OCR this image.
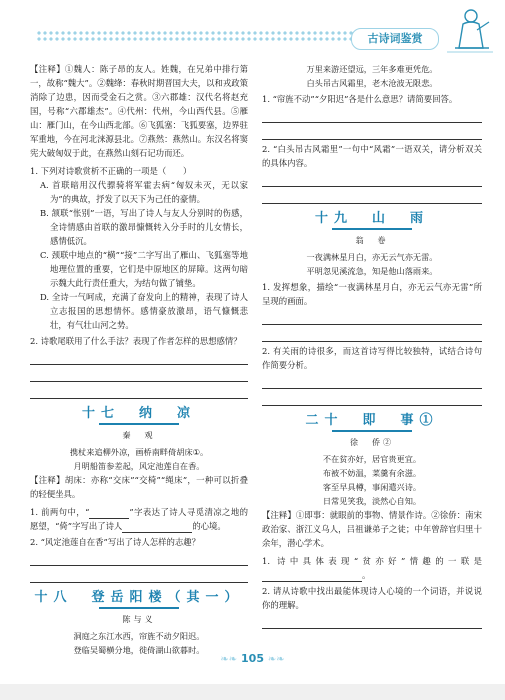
古诗词鉴赏

【注释】①魏人：陈子昂的友人。姓魏，在兄弟中排行第一，故称“魏大”。②魏绛：春秋时期晋国大夫，以和戎政策消除了边患，因而受金石之赏。③六郡雄：汉代名将赵充国，号称“六郡雄杰”。④代州：代州，今山西代县。⑤雁山：雁门山，在今山西北部。⑥飞狐塞：飞狐要塞，边界驻军重地，今在河北涞源县北。⑦燕然：燕然山。东汉名将窦宪大破匈奴于此，在燕然山刻石记功而还。

1. 下列对诗歌赏析不正确的一项是（　　）

A. 首联暗用汉代骠骑将军霍去病“匈奴未灭，无以家为”的典故，抒发了以天下为己任的豪情。

B. 颔联“怅别”一语，写出了诗人与友人分别时的伤感，全诗情感由首联的激昂慷慨转入分手时的儿女情长，感情低沉。

C. 颈联中地点的“横”“接”二字写出了雁山、飞狐塞等地地理位置的重要，它们是中原地区的屏障。这两句暗示魏大此行责任重大，为结句做了铺垫。

D. 全诗一气呵成，充满了奋发向上的精神，表现了诗人立志报国的思想情怀。感情豪放激昂，语气慷慨悲壮，有气壮山河之势。

2. 诗歌尾联用了什么手法？表现了作者怎样的思想感情？

十七　纳　凉
秦　观

携杖来追柳外凉，画桥南畔倚胡床①。

月明船笛参差起，风定池莲自在香。

【注释】胡床：亦称“交床”“交椅”“绳床”，一种可以折叠的轻便坐具。

1. 前两句中，“	”字表达了诗人寻觅清凉之地的愿望，“倚”字写出了诗人	的心境。

2. “风定池莲自在香”写出了诗人怎样的志趣？

十八　登岳阳楼（其一）
陈与义

洞庭之东江水西，帘旌不动夕阳迟。

登临吴蜀横分地，徙倚湖山欲暮时。

万里来游还望远，三年多难更凭危。

白头吊古风霜里，老木沧波无限悲。

1. “帘旌不动”“夕阳迟”各是什么意思？请简要回答。

2. “白头吊古风霜里”一句中“风霜”一语双关，请分析双关的具体内容。

十九　山　雨
翁　卷

一夜满林星月白，亦无云气亦无雷。

平明忽见溪流急，知是他山落雨来。

1. 发挥想象，描绘“一夜满林星月白，亦无云气亦无雷”所呈现的画面。

2. 有关雨的诗很多，而这首诗写得比较独特，试结合诗句作简要分析。

二十　即　事①
徐　侨②

不在贫亦好，居官贵更宜。

布被不妨温，菜羹有余滋。

客至早具樽，事闲遣兴诗。

日常见笑我，淡然心自知。

【注释】①即事：就眼前的事物、情景作诗。②徐侨：南宋政治家、浙江义乌人，吕祖谦弟子之徒；中年曾辞官归里十余年，潜心学术。

1. 诗中具体表现“贫亦好”情趣的一联是。

2. 请从诗歌中找出最能体现诗人心境的一个词语，并说说你的理解。

❧❧ 105 ❧❧
